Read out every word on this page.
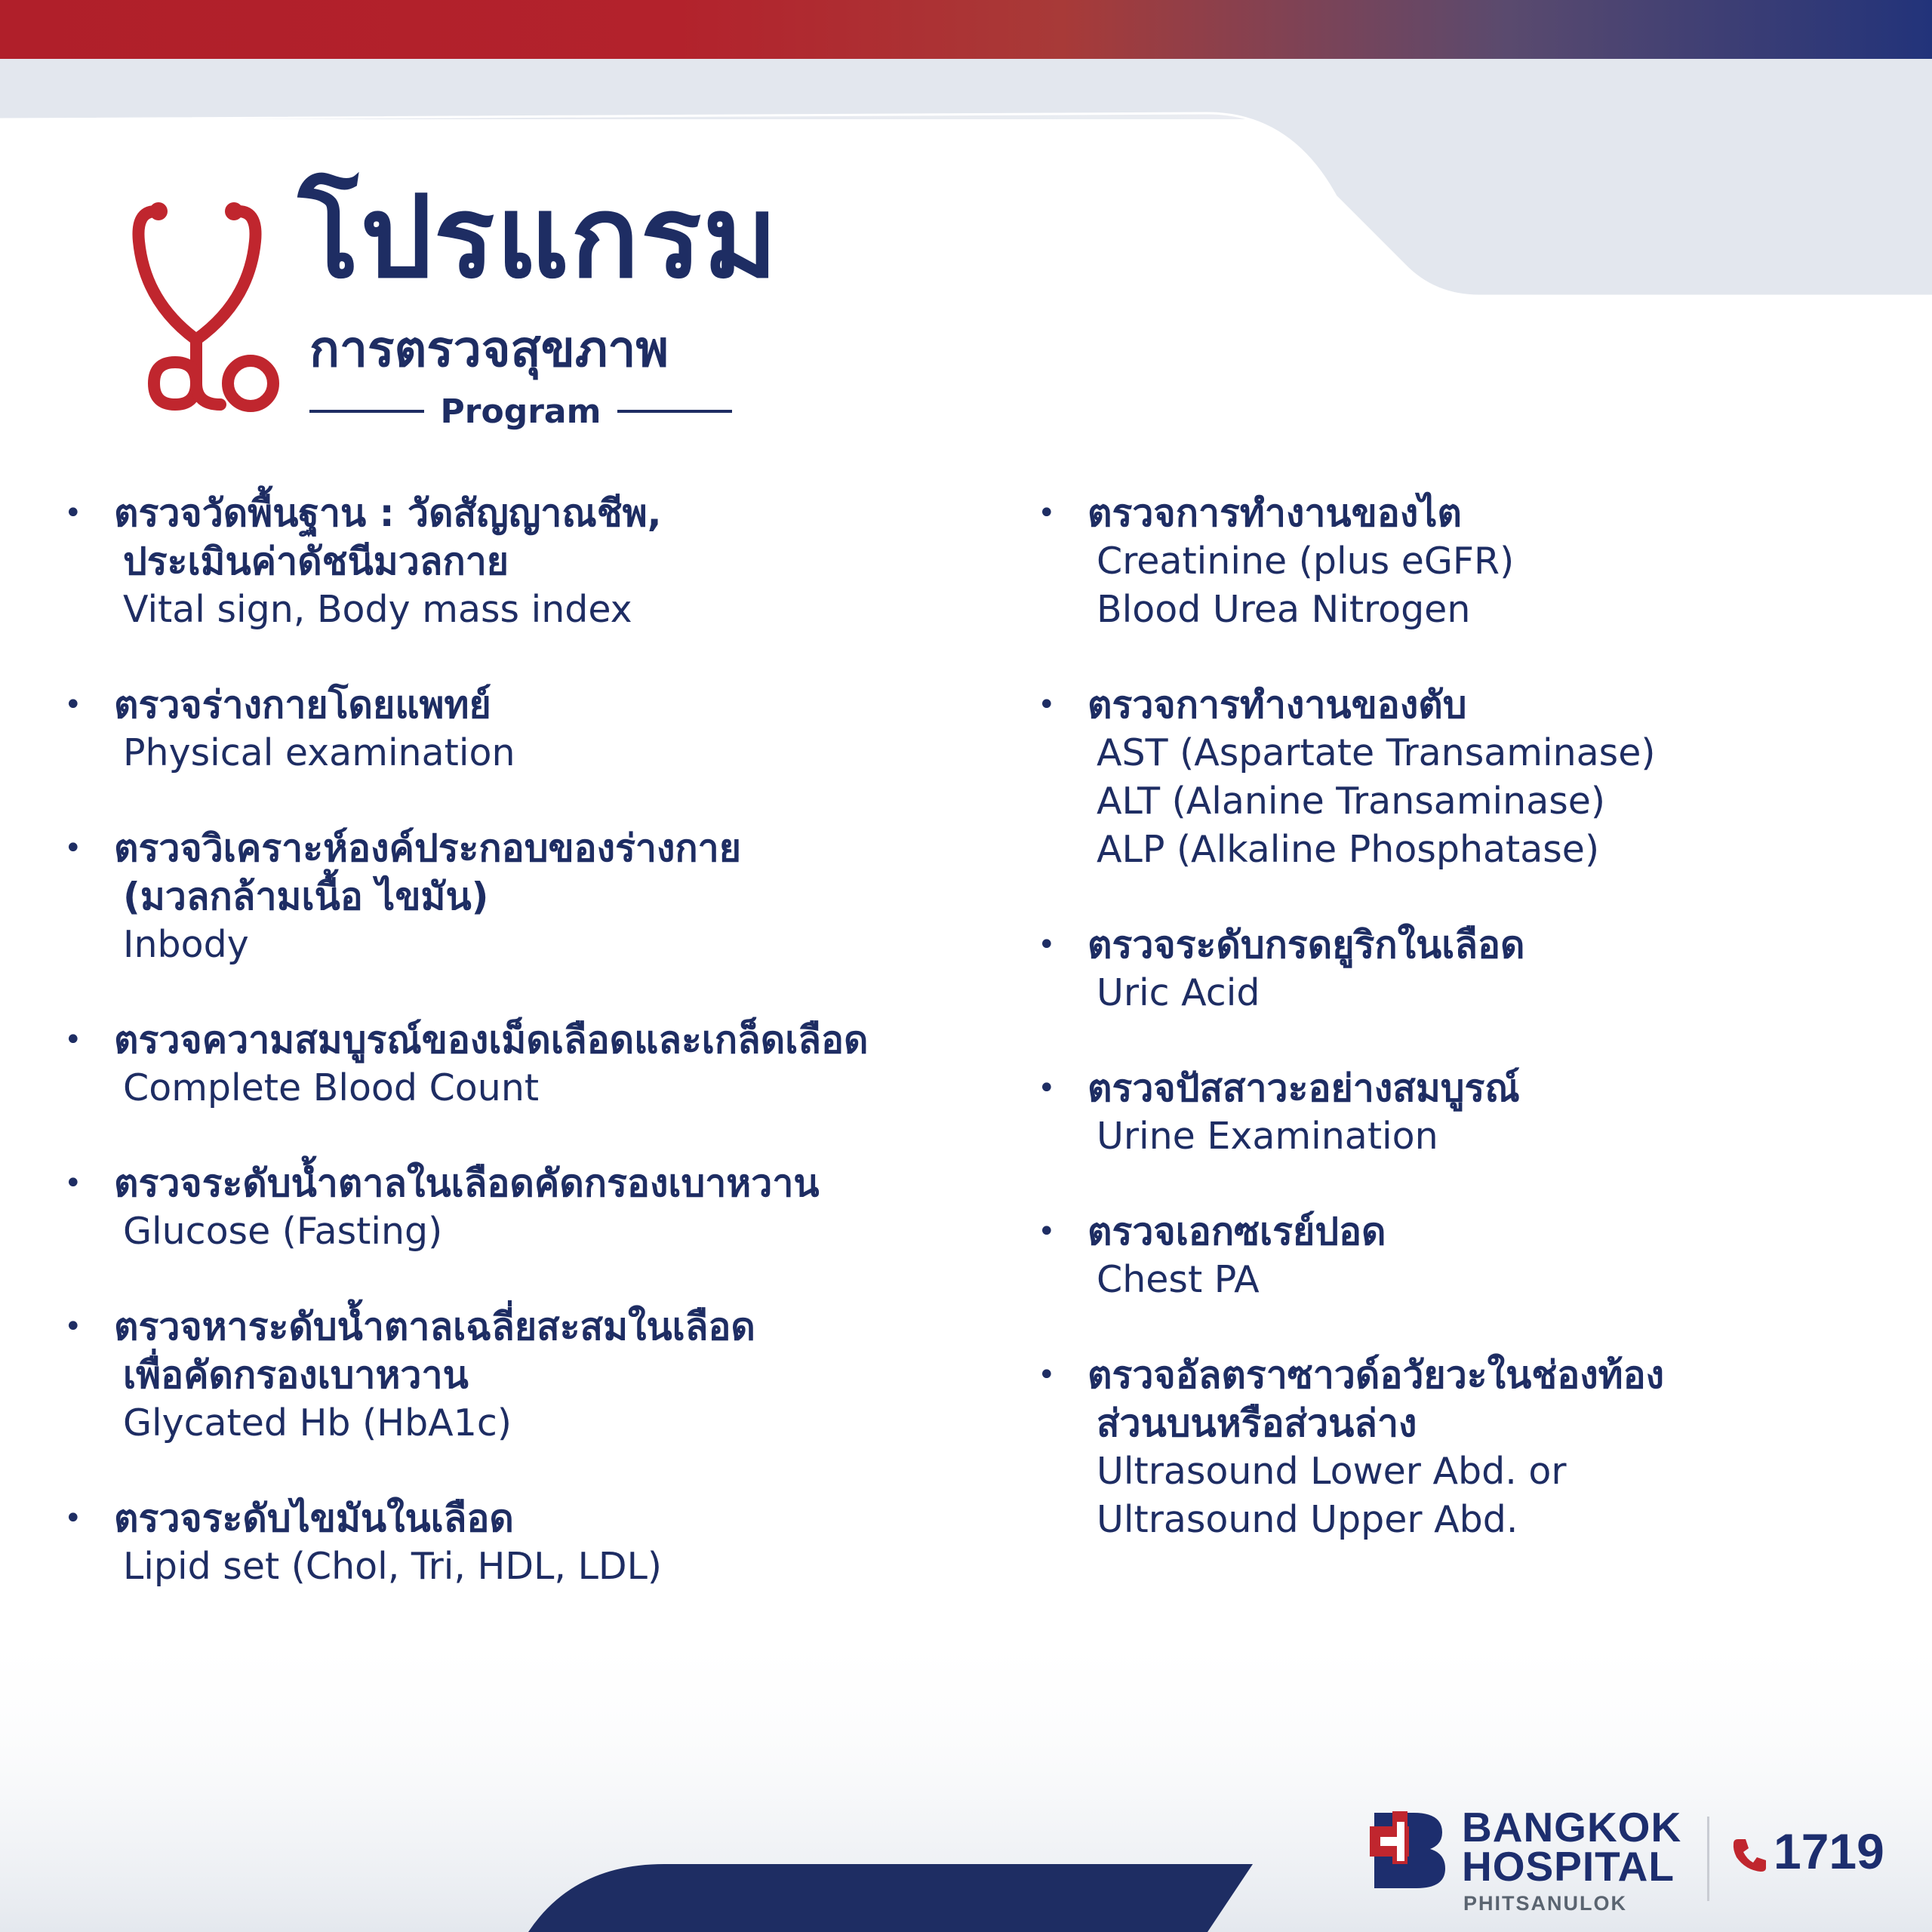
โปรแกรม
การตรวจสุขภาพ
Program
• ตรวจวัดพื้นฐาน : วัดสัญญาณชีพ,
ประเมินค่าดัชนีมวลกาย
Vital sign, Body mass index
• ตรวจร่างกายโดยแพทย์
Physical examination
• ตรวจวิเคราะห์องค์ประกอบของร่างกาย
(มวลกล้ามเนื้อ ไขมัน)
Inbody
• ตรวจความสมบูรณ์ของเม็ดเลือดและเกล็ดเลือด
Complete Blood Count
• ตรวจระดับน้ำตาลในเลือดคัดกรองเบาหวาน
Glucose (Fasting)
• ตรวจหาระดับน้ำตาลเฉลี่ยสะสมในเลือด
เพื่อคัดกรองเบาหวาน
Glycated Hb (HbA1c)
• ตรวจระดับไขมันในเลือด
Lipid set (Chol, Tri, HDL, LDL)
• ตรวจการทำงานของไต
Creatinine (plus eGFR)
Blood Urea Nitrogen
• ตรวจการทำงานของตับ
AST (Aspartate Transaminase)
ALT (Alanine Transaminase)
ALP (Alkaline Phosphatase)
• ตรวจระดับกรดยูริกในเลือด
Uric Acid
• ตรวจปัสสาวะอย่างสมบูรณ์
Urine Examination
• ตรวจเอกซเรย์ปอด
Chest PA
• ตรวจอัลตราซาวด์อวัยวะในช่องท้อง
ส่วนบนหรือส่วนล่าง
Ultrasound Lower Abd. or
Ultrasound Upper Abd.
BANGKOK
HOSPITAL
PHITSANULOK
1719
